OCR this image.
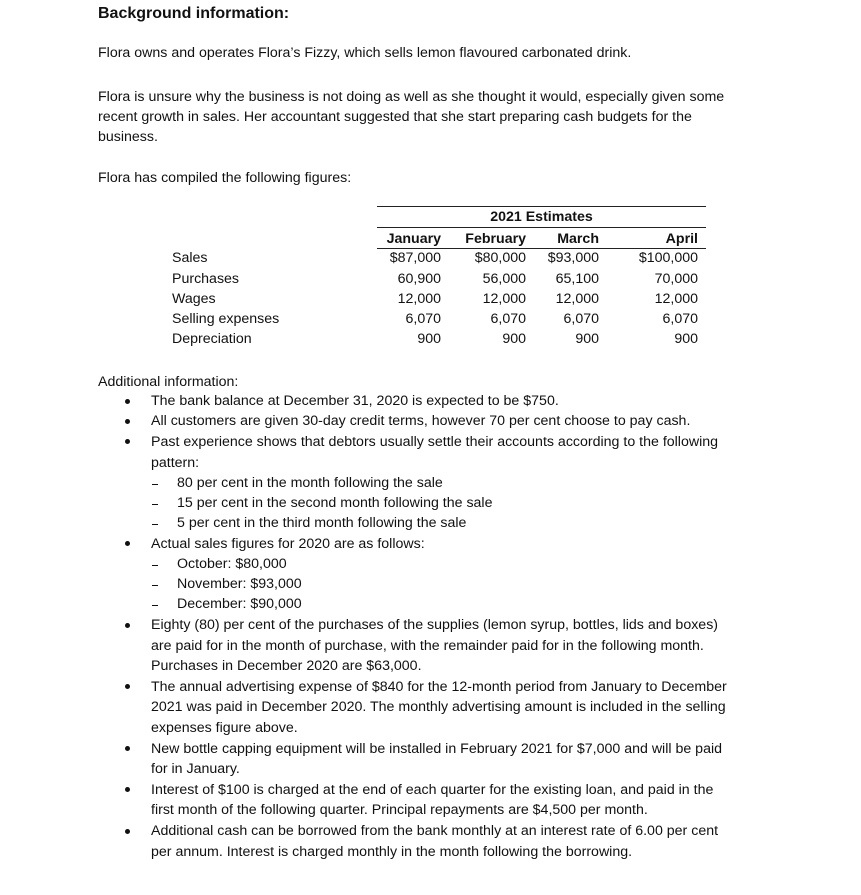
Background information:
Flora owns and operates Flora’s Fizzy, which sells lemon flavoured carbonated drink.
Flora is unsure why the business is not doing as well as she thought it would, especially given some
recent growth in sales. Her accountant suggested that she start preparing cash budgets for the
business.
Flora has compiled the following figures:
2021 Estimates
January	February	March	April
Sales	$87,000	$80,000	$93,000	$100,000
Purchases	60,900	56,000	65,100	70,000
Wages	12,000	12,000	12,000	12,000
Selling expenses	6,070	6,070	6,070	6,070
Depreciation	900	900	900	900
Additional information:
The bank balance at December 31, 2020 is expected to be $750.
All customers are given 30-day credit terms, however 70 per cent choose to pay cash.
Past experience shows that debtors usually settle their accounts according to the following
pattern:
80 per cent in the month following the sale
15 per cent in the second month following the sale
5 per cent in the third month following the sale
Actual sales figures for 2020 are as follows:
October: $80,000
November: $93,000
December: $90,000
Eighty (80) per cent of the purchases of the supplies (lemon syrup, bottles, lids and boxes)
are paid for in the month of purchase, with the remainder paid for in the following month.
Purchases in December 2020 are $63,000.
The annual advertising expense of $840 for the 12-month period from January to December
2021 was paid in December 2020. The monthly advertising amount is included in the selling
expenses figure above.
New bottle capping equipment will be installed in February 2021 for $7,000 and will be paid
for in January.
Interest of $100 is charged at the end of each quarter for the existing loan, and paid in the
first month of the following quarter. Principal repayments are $4,500 per month.
Additional cash can be borrowed from the bank monthly at an interest rate of 6.00 per cent
per annum. Interest is charged monthly in the month following the borrowing.
